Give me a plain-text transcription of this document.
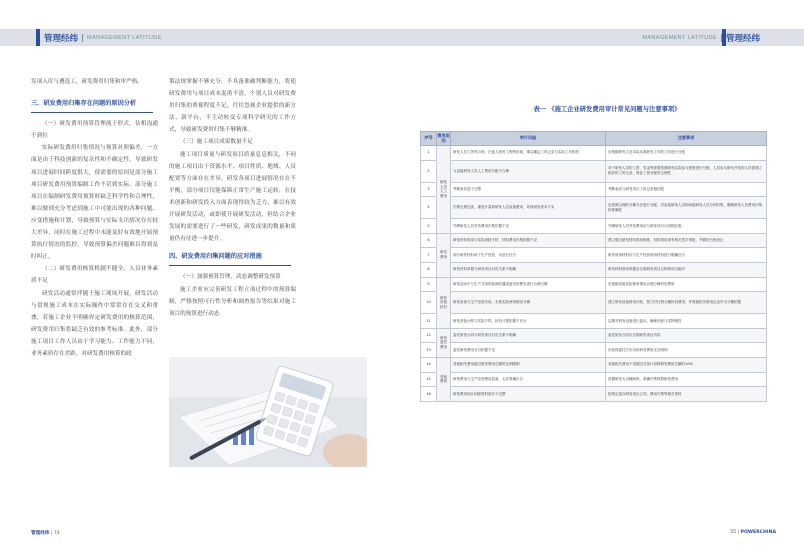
管理经纬 MANAGEMENT LATITUDE	MANAGEMENT LATITUDE 管理经纬

发项入库与遴选工，研发费用归集和审严格。

三、研发费用归集存在问题的原因分析

（一）研发费用预算管理流于形式，估相沟通不到位

实际研发费用归集情况与预算对照偏差，一方面是由于科技创新的复杂性和不确定性，导致研发项目进展时间跨度很大，使需要的原因是部分施工项目研发费用预算编制工作不甚到实际。部分施工项目在编制研发费用预算时缺乏科学性和合理性，难以做到充分考虑到施工中可能出现的各种问题、应变措施和计划，导致预算与实际支出情况存在较大差异，同时在施工过程中未能及时有效地开展预算执行情况的监控，导致预算偏差问题难以得到及时纠正。

（二）研发费用核算机制不健全，人员业务素质不足

研发活动通常伴随于施工现场开展，研发活动与常规施工成本在实际操作中常常存在交叉和重叠，若施工企业不明确界定研发费用的核算范围，研发费用归集将缺乏有效的参考标准。此外，部分施工项目工作人员由于学习能力、工作能力不同，业务素质存在差距，对研发费用核算的政

策法规掌握不够充分，不具备准确判断能力，将使研发费用与项目成本混淆不清，个别人员对研发费用归集的重视程度不足，往往忽视企业提供的新方法、新平台，不主动转变专项科学研究的工作方式，导致研发费用归集不够精准。

（三）施工项目成果数量不足

施工项目质量与研发项目质量息息相关，不同的施工项目由于资源水平、项目性质、地域、人员配置等方面存在差异，研发各项目进展情况存在不平衡，部分项目仅能保障正常生产施工运转，在技术创新和研发投入方面表现得较为乏力，难以有效开展研发活动，或即使开展研发活动，但结合企业发展的需要进行了一些研发，研发成果的数量和质量仍有待进一步提升。

四、研发费用归集问题的应对措施

（一）加强预算管理，动态调整研发预算

施工企业应完善研发工程立项过程中的预算编制，严格按照可行性分析和调查报告等结果对施工项目的预算进行动态

表一 《施工企业研发费用审计常见问题与注意事项》
序号	费用类别	审计风险	注意事项
1	研发人员人工费用	研发人员工资等合规，在他人研发工程特征看，难以确定工时记录与实际工作相符	应根据研发人员实际从事研发工作的工时进行分配
2		与直接研发人员人工费用分配不合理	对于研发人员的工资、奖金等需要按照研发实际参与程度进行分配，人员参与研究开发的人员需建立相应的工时记录，保证工资分配的合理性
3		考勤表信息不完整	考勤表应与研发项目工时记录相匹配
4		归集比例过高，重复计量和研发人员直接费用，导致研发成本不实	应按照合理的分摊方法进行分配，对直接研发人员和间接研发人员分别归集，确保研发人员费用归集的准确性
5		外聘研发人员劳务费用归集依据不足	外聘研发人员劳务费用应与研发项目合同相匹配
6	研发费用	研发材料领用与实际消耗不符，材料费用归集依据不足	建立健全研发材料领用制度，材料领用需有相关签字审批，并做好台账登记
7		部分研发材料用于生产经营，未进行区分	研发领用材料应与生产经营领用材料进行明确区分
8		研发材料单据与研发项目对应关系不明确	研发材料领用单据应注明研发项目名称和项目编号
9	研发设备折旧	研发活动中与生产共用的检测仪器设备折旧费未进行合理分摊	应根据设备实际使用情况合理分摊折旧费用
10		研发设备与生产经营共用，未按实际使用情况分摊	建立研发设备使用台账，按工时比例分摊折旧费用，并保留相关使用记录作为分摊依据
11		研发设备台账与实际不符，折旧计提依据不充分	定期对研发设备进行盘点，确保台账与实物相符
12	研发委托费用	委托研发合同与研发项目对应关系不明确	委托研发合同应注明研发项目内容
13		委托研发费用支付依据不足	应取得委托方出具的研发费用支出明细
14	其他费用	其他相关费用超过研发费用总额的比例限制	其他相关费用不得超过可加计扣除研发费用总额的10%
15		研发费用与生产经营费用混淆，无法准确区分	设置研发支出辅助账，准确归集核算研发费用
16		研发费用加计扣除资料留存不完整	按规定留存研发项目立项、费用归集等相关资料
管理经纬 | 74	55 | POWERCHINA
